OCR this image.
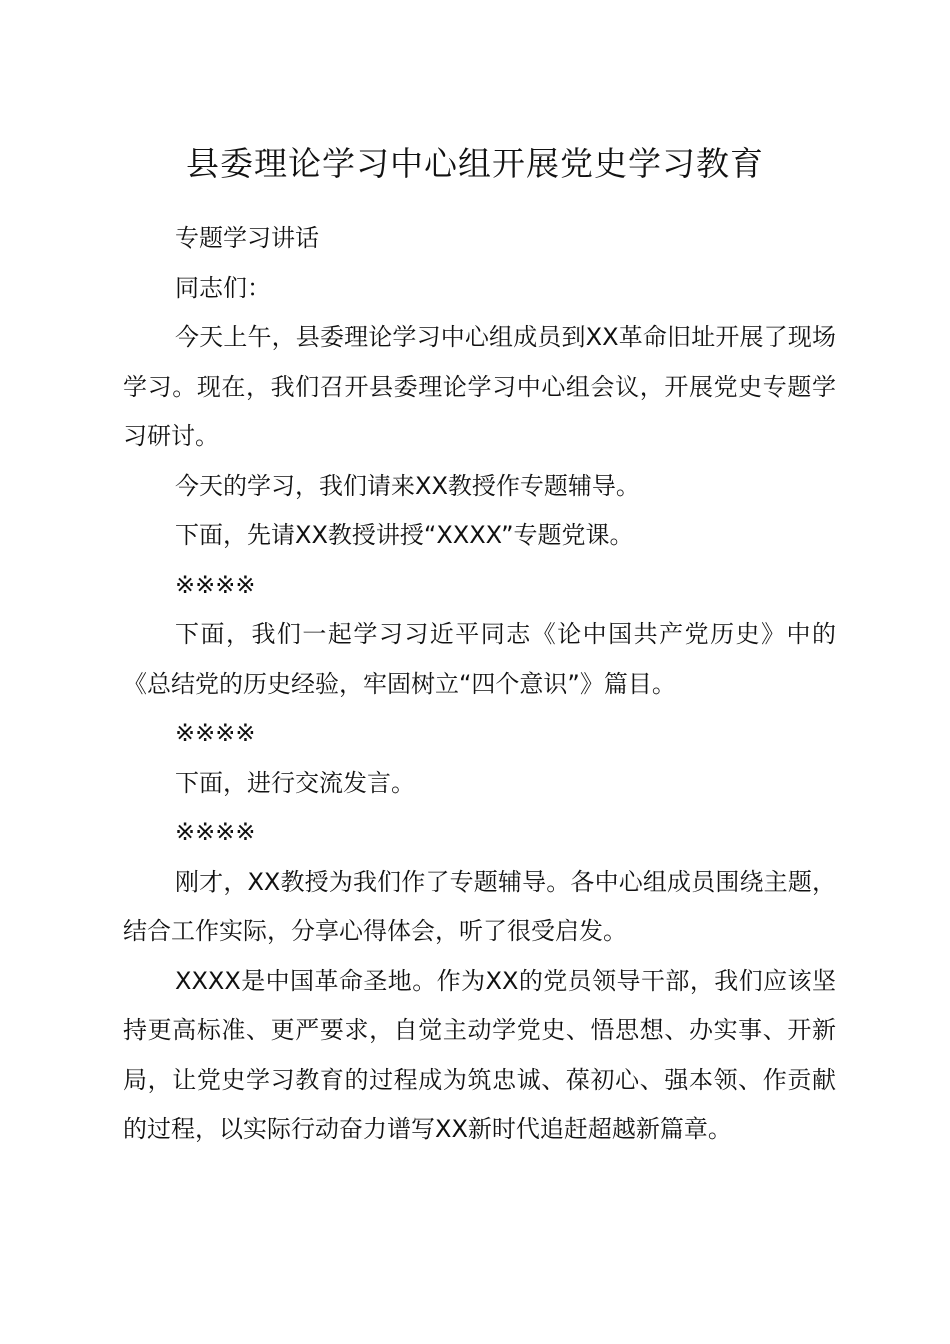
县委理论学习中心组开展党史学习教育

专题学习讲话

同志们：

今天上午，县委理论学习中心组成员到XX革命旧址开展了现场学习。现在，我们召开县委理论学习中心组会议，开展党史专题学习研讨。

今天的学习，我们请来XX教授作专题辅导。

下面，先请XX教授讲授“XXXX”专题党课。

※※※※

下面，我们一起学习习近平同志《论中国共产党历史》中的《总结党的历史经验，牢固树立“四个意识”》篇目。

※※※※

下面，进行交流发言。

※※※※

刚才，XX教授为我们作了专题辅导。各中心组成员围绕主题，结合工作实际，分享心得体会，听了很受启发。

XXXX是中国革命圣地。作为XX的党员领导干部，我们应该坚持更高标准、更严要求，自觉主动学党史、悟思想、办实事、开新局，让党史学习教育的过程成为筑忠诚、葆初心、强本领、作贡献的过程，以实际行动奋力谱写XX新时代追赶超越新篇章。
